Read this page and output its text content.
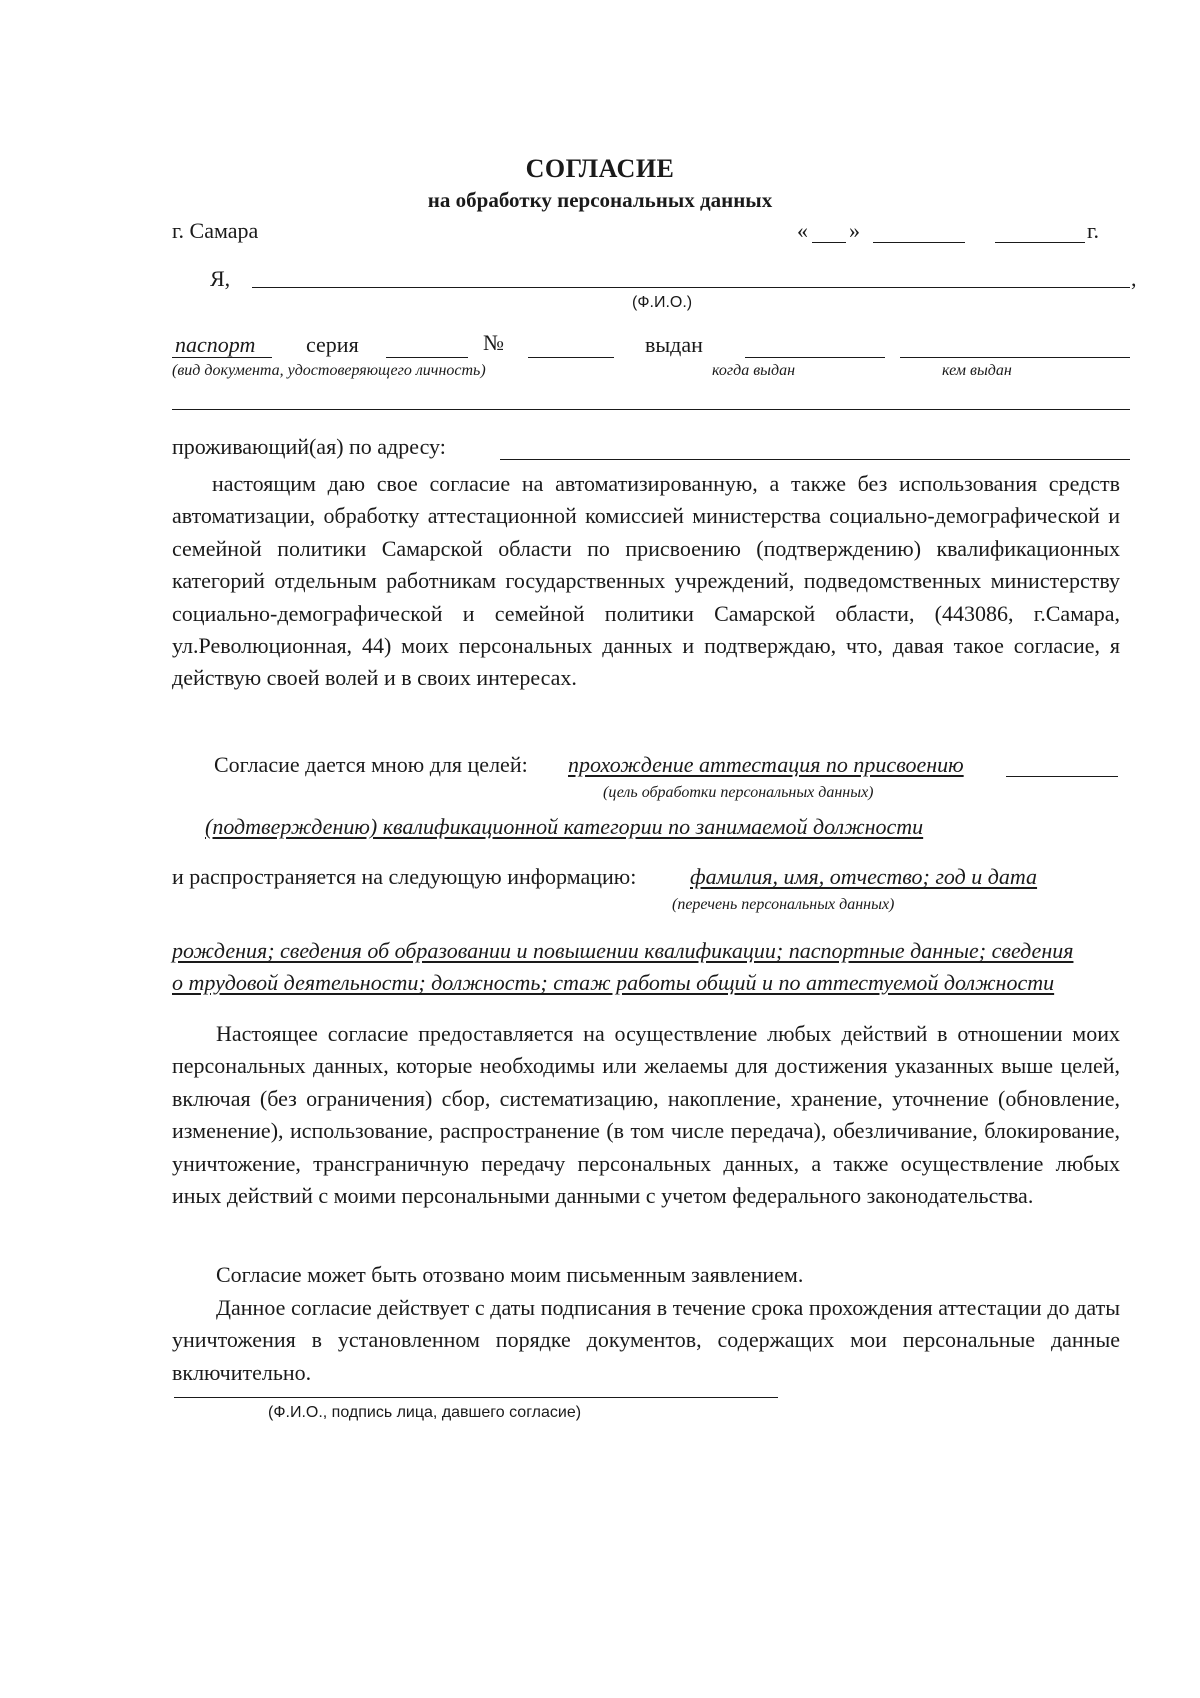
СОГЛАСИЕ
на обработку персональных данных
г. Самара	« »	г.
Я,	,
(Ф.И.О.)
паспорт серия	№	выдан
(вид документа, удостоверяющего личность)	когда выдан	кем выдан
проживающий(ая) по адресу:
настоящим даю свое согласие на автоматизированную, а также без использования средств автоматизации, обработку аттестационной комиссией министерства социально-демографической и семейной политики Самарской области по присвоению (подтверждению) квалификационных категорий отдельным работникам государственных учреждений, подведомственных министерству социально-демографической и семейной политики Самарской области, (443086, г.Самара, ул.Революционная, 44) моих персональных данных и подтверждаю, что, давая такое согласие, я действую своей волей и в своих интересах.
Согласие дается мною для целей: прохождение аттестация по присвоению
(цель обработки персональных данных)
(подтверждению) квалификационной категории по занимаемой должности
и распространяется на следующую информацию: фамилия, имя, отчество; год и дата
(перечень персональных данных)
рождения; сведения об образовании и повышении квалификации; паспортные данные; сведения
о трудовой деятельности; должность; стаж работы общий и по аттестуемой должности
Настоящее согласие предоставляется на осуществление любых действий в отношении моих персональных данных, которые необходимы или желаемы для достижения указанных выше целей, включая (без ограничения) сбор, систематизацию, накопление, хранение, уточнение (обновление, изменение), использование, распространение (в том числе передача), обезличивание, блокирование, уничтожение, трансграничную передачу персональных данных, а также осуществление любых иных действий с моими персональными данными с учетом федерального законодательства.
Согласие может быть отозвано моим письменным заявлением.
Данное согласие действует с даты подписания в течение срока прохождения аттестации до даты уничтожения в установленном порядке документов, содержащих мои персональные данные включительно.
(Ф.И.О., подпись лица, давшего согласие)
